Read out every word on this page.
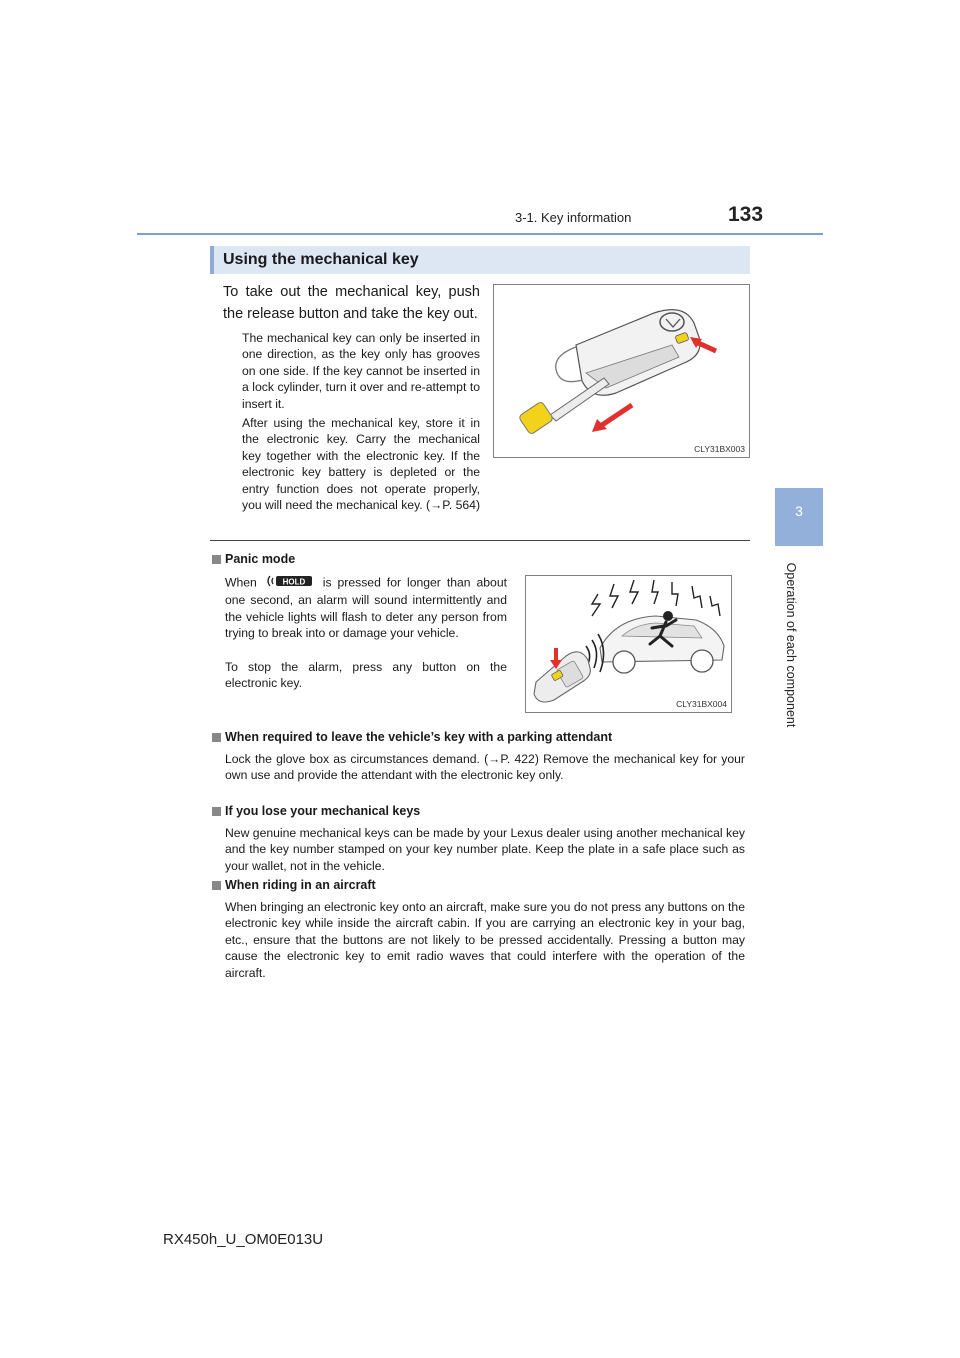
3-1. Key information	133
3
Operation of each component
Using the mechanical key
To take out the mechanical key, push the release button and take the key out.
The mechanical key can only be inserted in one direction, as the key only has grooves on one side. If the key cannot be inserted in a lock cylinder, turn it over and re-attempt to insert it.
After using the mechanical key, store it in the electronic key. Carry the mechanical key together with the electronic key. If the electronic key battery is depleted or the entry function does not operate properly, you will need the mechanical key. (→P. 564)
CLY31BX003
Panic mode
When	HOLD is pressed for longer than about one second, an alarm will sound intermittently and the vehicle lights will flash to deter any person from trying to break into or damage your vehicle.
To stop the alarm, press any button on the electronic key.
CLY31BX004
When required to leave the vehicle’s key with a parking attendant
Lock the glove box as circumstances demand. (→P. 422) Remove the mechanical key for your own use and provide the attendant with the electronic key only.
If you lose your mechanical keys
New genuine mechanical keys can be made by your Lexus dealer using another mechanical key and the key number stamped on your key number plate. Keep the plate in a safe place such as your wallet, not in the vehicle.
When riding in an aircraft
When bringing an electronic key onto an aircraft, make sure you do not press any buttons on the electronic key while inside the aircraft cabin. If you are carrying an electronic key in your bag, etc., ensure that the buttons are not likely to be pressed accidentally. Pressing a button may cause the electronic key to emit radio waves that could interfere with the operation of the aircraft.
RX450h_U_OM0E013U
